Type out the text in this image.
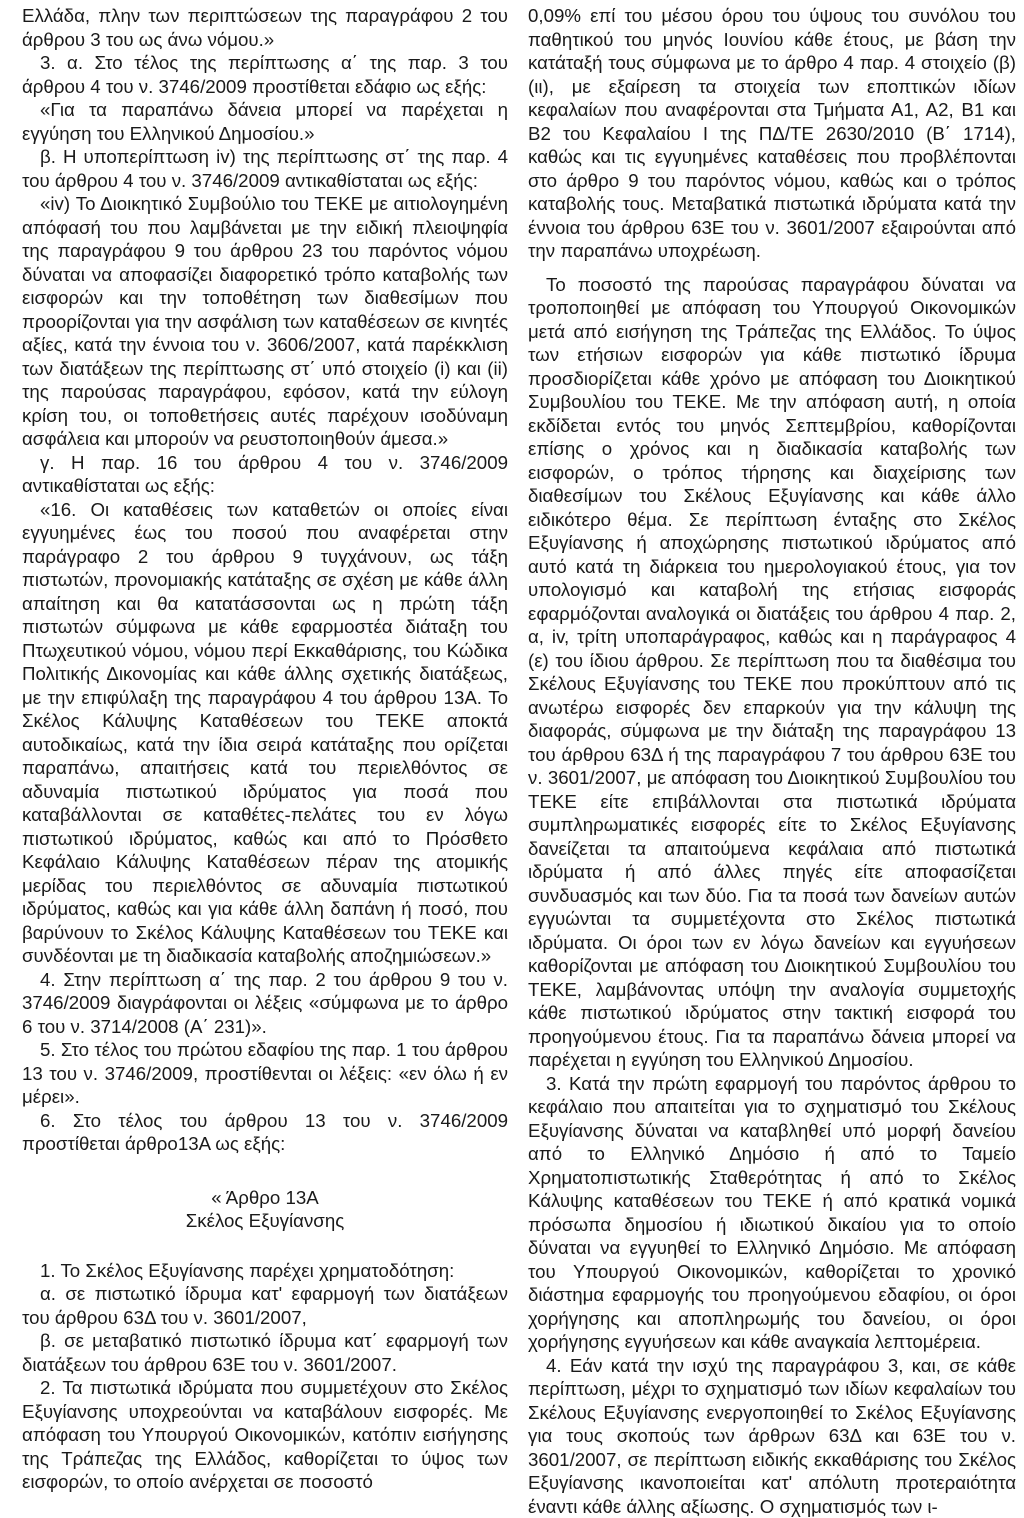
Ελλάδα, πλην των περιπτώσεων της παραγράφου 2 του άρθρου 3 του ως άνω νόμου.»

3. α. Στο τέλος της περίπτωσης α΄ της παρ. 3 του άρθρου 4 του ν. 3746/2009 προστίθεται εδάφιο ως εξής:

«Για τα παραπάνω δάνεια μπορεί να παρέχεται η εγγύηση του Ελληνικού Δημοσίου.»

β. Η υποπερίπτωση iv) της περίπτωσης στ΄ της παρ. 4 του άρθρου 4 του ν. 3746/2009 αντικαθίσταται ως εξής:

«iv) Το Διοικητικό Συμβούλιο του ΤΕΚΕ με αιτιολογημένη απόφασή του που λαμβάνεται με την ειδική πλειοψηφία της παραγράφου 9 του άρθρου 23 του παρόντος νόμου δύναται να αποφασίζει διαφορετικό τρόπο καταβολής των εισφορών και την τοποθέτηση των διαθεσίμων που προορίζονται για την ασφάλιση των καταθέσεων σε κινητές αξίες, κατά την έννοια του ν. 3606/2007, κατά παρέκκλιση των διατάξεων της περίπτωσης στ΄ υπό στοιχείο (i) και (ii) της παρούσας παραγράφου, εφόσον, κατά την εύλογη κρίση του, οι τοποθετήσεις αυτές παρέχουν ισοδύναμη ασφάλεια και μπορούν να ρευστοποιηθούν άμεσα.»

γ. Η παρ. 16 του άρθρου 4 του ν. 3746/2009 αντικαθίσταται ως εξής:

«16. Οι καταθέσεις των καταθετών οι οποίες είναι εγγυημένες έως του ποσού που αναφέρεται στην παράγραφο 2 του άρθρου 9 τυγχάνουν, ως τάξη πιστωτών, προνομιακής κατάταξης σε σχέση με κάθε άλλη απαίτηση και θα κατατάσσονται ως η πρώτη τάξη πιστωτών σύμφωνα με κάθε εφαρμοστέα διάταξη του Πτωχευτικού νόμου, νόμου περί Εκκαθάρισης, του Κώδικα Πολιτικής Δικονομίας και κάθε άλλης σχετικής διατάξεως, με την επιφύλαξη της παραγράφου 4 του άρθρου 13Α. Το Σκέλος Κάλυψης Καταθέσεων του ΤΕΚΕ αποκτά αυτοδικαίως, κατά την ίδια σειρά κατάταξης που ορίζεται παραπάνω, απαιτήσεις κατά του περιελθόντος σε αδυναμία πιστωτικού ιδρύματος για ποσά που καταβάλλονται σε καταθέτες-πελάτες του εν λόγω πιστωτικού ιδρύματος, καθώς και από το Πρόσθετο Κεφάλαιο Κάλυψης Καταθέσεων πέραν της ατομικής μερίδας του περιελθόντος σε αδυναμία πιστωτικού ιδρύματος, καθώς και για κάθε άλλη δαπάνη ή ποσό, που βαρύνουν το Σκέλος Κάλυψης Καταθέσεων του ΤΕΚΕ και συνδέονται με τη διαδικασία καταβολής αποζημιώσεων.»

4. Στην περίπτωση α΄ της παρ. 2 του άρθρου 9 του ν. 3746/2009 διαγράφονται οι λέξεις «σύμφωνα με το άρθρο 6 του ν. 3714/2008 (Α΄ 231)».

5. Στο τέλος του πρώτου εδαφίου της παρ. 1 του άρθρου 13 του ν. 3746/2009, προστίθενται οι λέξεις: «εν όλω ή εν μέρει».

6. Στο τέλος του άρθρου 13 του ν. 3746/2009 προστίθεται άρθρο13Α ως εξής:

« Άρθρο 13Α
Σκέλος Εξυγίανσης

1. Το Σκέλος Εξυγίανσης παρέχει χρηματοδότηση:

α. σε πιστωτικό ίδρυμα κατ' εφαρμογή των διατάξεων του άρθρου 63Δ του ν. 3601/2007,

β. σε μεταβατικό πιστωτικό ίδρυμα κατ΄ εφαρμογή των διατάξεων του άρθρου 63Ε του ν. 3601/2007.

2. Τα πιστωτικά ιδρύματα που συμμετέχουν στο Σκέλος Εξυγίανσης υποχρεούνται να καταβάλουν εισφορές. Με απόφαση του Υπουργού Οικονομικών, κατόπιν εισήγησης της Τράπεζας της Ελλάδος, καθορίζεται το ύψος των εισφορών, το οποίο ανέρχεται σε ποσοστό

0,09% επί του μέσου όρου του ύψους του συνόλου του παθητικού του μηνός Ιουνίου κάθε έτους, με βάση την κατάταξή τους σύμφωνα με το άρθρο 4 παρ. 4 στοιχείο (β) (ιι), με εξαίρεση τα στοιχεία των εποπτικών ιδίων κεφαλαίων που αναφέρονται στα Τμήματα Α1, Α2, Β1 και Β2 του Κεφαλαίου Ι της ΠΔ/ΤΕ 2630/2010 (Β΄ 1714), καθώς και τις εγγυημένες καταθέσεις που προβλέπονται στο άρθρο 9 του παρόντος νόμου, καθώς και ο τρόπος καταβολής τους. Μεταβατικά πιστωτικά ιδρύματα κατά την έννοια του άρθρου 63Ε του ν. 3601/2007 εξαιρούνται από την παραπάνω υποχρέωση.

Το ποσοστό της παρούσας παραγράφου δύναται να τροποποιηθεί με απόφαση του Υπουργού Οικονομικών μετά από εισήγηση της Τράπεζας της Ελλάδος. Το ύψος των ετήσιων εισφορών για κάθε πιστωτικό ίδρυμα προσδιορίζεται κάθε χρόνο με απόφαση του Διοικητικού Συμβουλίου του ΤΕΚΕ. Με την απόφαση αυτή, η οποία εκδίδεται εντός του μηνός Σεπτεμβρίου, καθορίζονται επίσης ο χρόνος και η διαδικασία καταβολής των εισφορών, ο τρόπος τήρησης και διαχείρισης των διαθεσίμων του Σκέλους Εξυγίανσης και κάθε άλλο ειδικότερο θέμα. Σε περίπτωση ένταξης στο Σκέλος Εξυγίανσης ή αποχώρησης πιστωτικού ιδρύματος από αυτό κατά τη διάρκεια του ημερολογιακού έτους, για τον υπολογισμό και καταβολή της ετήσιας εισφοράς εφαρμόζονται αναλογικά οι διατάξεις του άρθρου 4 παρ. 2, α, iv, τρίτη υποπαράγραφος, καθώς και η παράγραφος 4 (ε) του ίδιου άρθρου. Σε περίπτωση που τα διαθέσιμα του Σκέλους Εξυγίανσης του ΤΕΚΕ που προκύπτουν από τις ανωτέρω εισφορές δεν επαρκούν για την κάλυψη της διαφοράς, σύμφωνα με την διάταξη της παραγράφου 13 του άρθρου 63Δ ή της παραγράφου 7 του άρθρου 63Ε του ν. 3601/2007, με απόφαση του Διοικητικού Συμβουλίου του ΤΕΚΕ είτε επιβάλλονται στα πιστωτικά ιδρύματα συμπληρωματικές εισφορές είτε το Σκέλος Εξυγίανσης δανείζεται τα απαιτούμενα κεφάλαια από πιστωτικά ιδρύματα ή από άλλες πηγές είτε αποφασίζεται συνδυασμός και των δύο. Για τα ποσά των δανείων αυτών εγγυώνται τα συμμετέχοντα στο Σκέλος πιστωτικά ιδρύματα. Οι όροι των εν λόγω δανείων και εγγυήσεων καθορίζονται με απόφαση του Διοικητικού Συμβουλίου του ΤΕΚΕ, λαμβάνοντας υπόψη την αναλογία συμμετοχής κάθε πιστωτικού ιδρύματος στην τακτική εισφορά του προηγούμενου έτους. Για τα παραπάνω δάνεια μπορεί να παρέχεται η εγγύηση του Ελληνικού Δημοσίου.

3. Κατά την πρώτη εφαρμογή του παρόντος άρθρου το κεφάλαιο που απαιτείται για το σχηματισμό του Σκέλους Εξυγίανσης δύναται να καταβληθεί υπό μορφή δανείου από το Ελληνικό Δημόσιο ή από το Ταμείο Χρηματοπιστωτικής Σταθερότητας ή από το Σκέλος Κάλυψης καταθέσεων του ΤΕΚΕ ή από κρατικά νομικά πρόσωπα δημοσίου ή ιδιωτικού δικαίου για το οποίο δύναται να εγγυηθεί το Ελληνικό Δημόσιο. Με απόφαση του Υπουργού Οικονομικών, καθορίζεται το χρονικό διάστημα εφαρμογής του προηγούμενου εδαφίου, οι όροι χορήγησης και αποπληρωμής του δανείου, οι όροι χορήγησης εγγυήσεων και κάθε αναγκαία λεπτομέρεια.

4. Εάν κατά την ισχύ της παραγράφου 3, και, σε κάθε περίπτωση, μέχρι το σχηματισμό των ιδίων κεφαλαίων του Σκέλους Εξυγίανσης ενεργοποιηθεί το Σκέλος Εξυγίανσης για τους σκοπούς των άρθρων 63Δ και 63Ε του ν. 3601/2007, σε περίπτωση ειδικής εκκαθάρισης του Σκέλος Εξυγίανσης ικανοποιείται κατ' απόλυτη προτεραιότητα έναντι κάθε άλλης αξίωσης. Ο σχηματισμός των ι-
